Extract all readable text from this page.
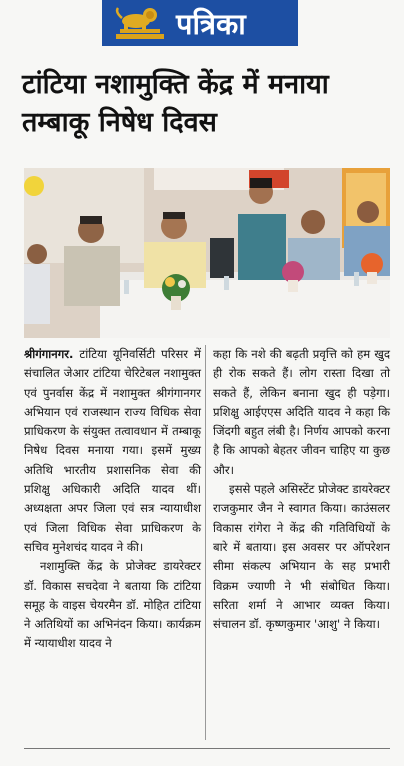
पत्रिका
टांटिया नशामुक्ति केंद्र में मनाया तम्बाकू निषेध दिवस

श्रीगंगानगर. टांटिया यूनिवर्सिटी परिसर में संचालित जेआर टांटिया चेरिटेबल नशामुक्त एवं पुनर्वास केंद्र में नशामुक्त श्रीगंगानगर अभियान एवं राजस्थान राज्य विधिक सेवा प्राधिकरण के संयुक्त तत्वावधान में तम्बाकू निषेध दिवस मनाया गया। इसमें मुख्य अतिथि भारतीय प्रशासनिक सेवा की प्रशिक्षु अधिकारी अदिति यादव थीं। अध्यक्षता अपर जिला एवं सत्र न्यायाधीश एवं जिला विधिक सेवा प्राधिकरण के सचिव मुनेशचंद यादव ने की।

नशामुक्ति केंद्र के प्रोजेक्ट डायरेक्टर डॉ. विकास सचदेवा ने बताया कि टांटिया समूह के वाइस चेयरमैन डॉ. मोहित टांटिया ने अतिथियों का अभिनंदन किया। कार्यक्रम में न्यायाधीश यादव ने

कहा कि नशे की बढ़ती प्रवृत्ति को हम खुद ही रोक सकते हैं। लोग रास्ता दिखा तो सकते हैं, लेकिन बनाना खुद ही पड़ेगा। प्रशिक्षु आईएएस अदिति यादव ने कहा कि जिंदगी बहुत लंबी है। निर्णय आपको करना है कि आपको बेहतर जीवन चाहिए या कुछ और।

इससे पहले असिस्टेंट प्रोजेक्ट डायरेक्टर राजकुमार जैन ने स्वागत किया। काउंसलर विकास रांगेरा ने केंद्र की गतिविधियों के बारे में बताया। इस अवसर पर ऑपरेशन सीमा संकल्प अभियान के सह प्रभारी विक्रम ज्याणी ने भी संबोधित किया। सरिता शर्मा ने आभार व्यक्त किया। संचालन डॉ. कृष्णकुमार 'आशु' ने किया।
